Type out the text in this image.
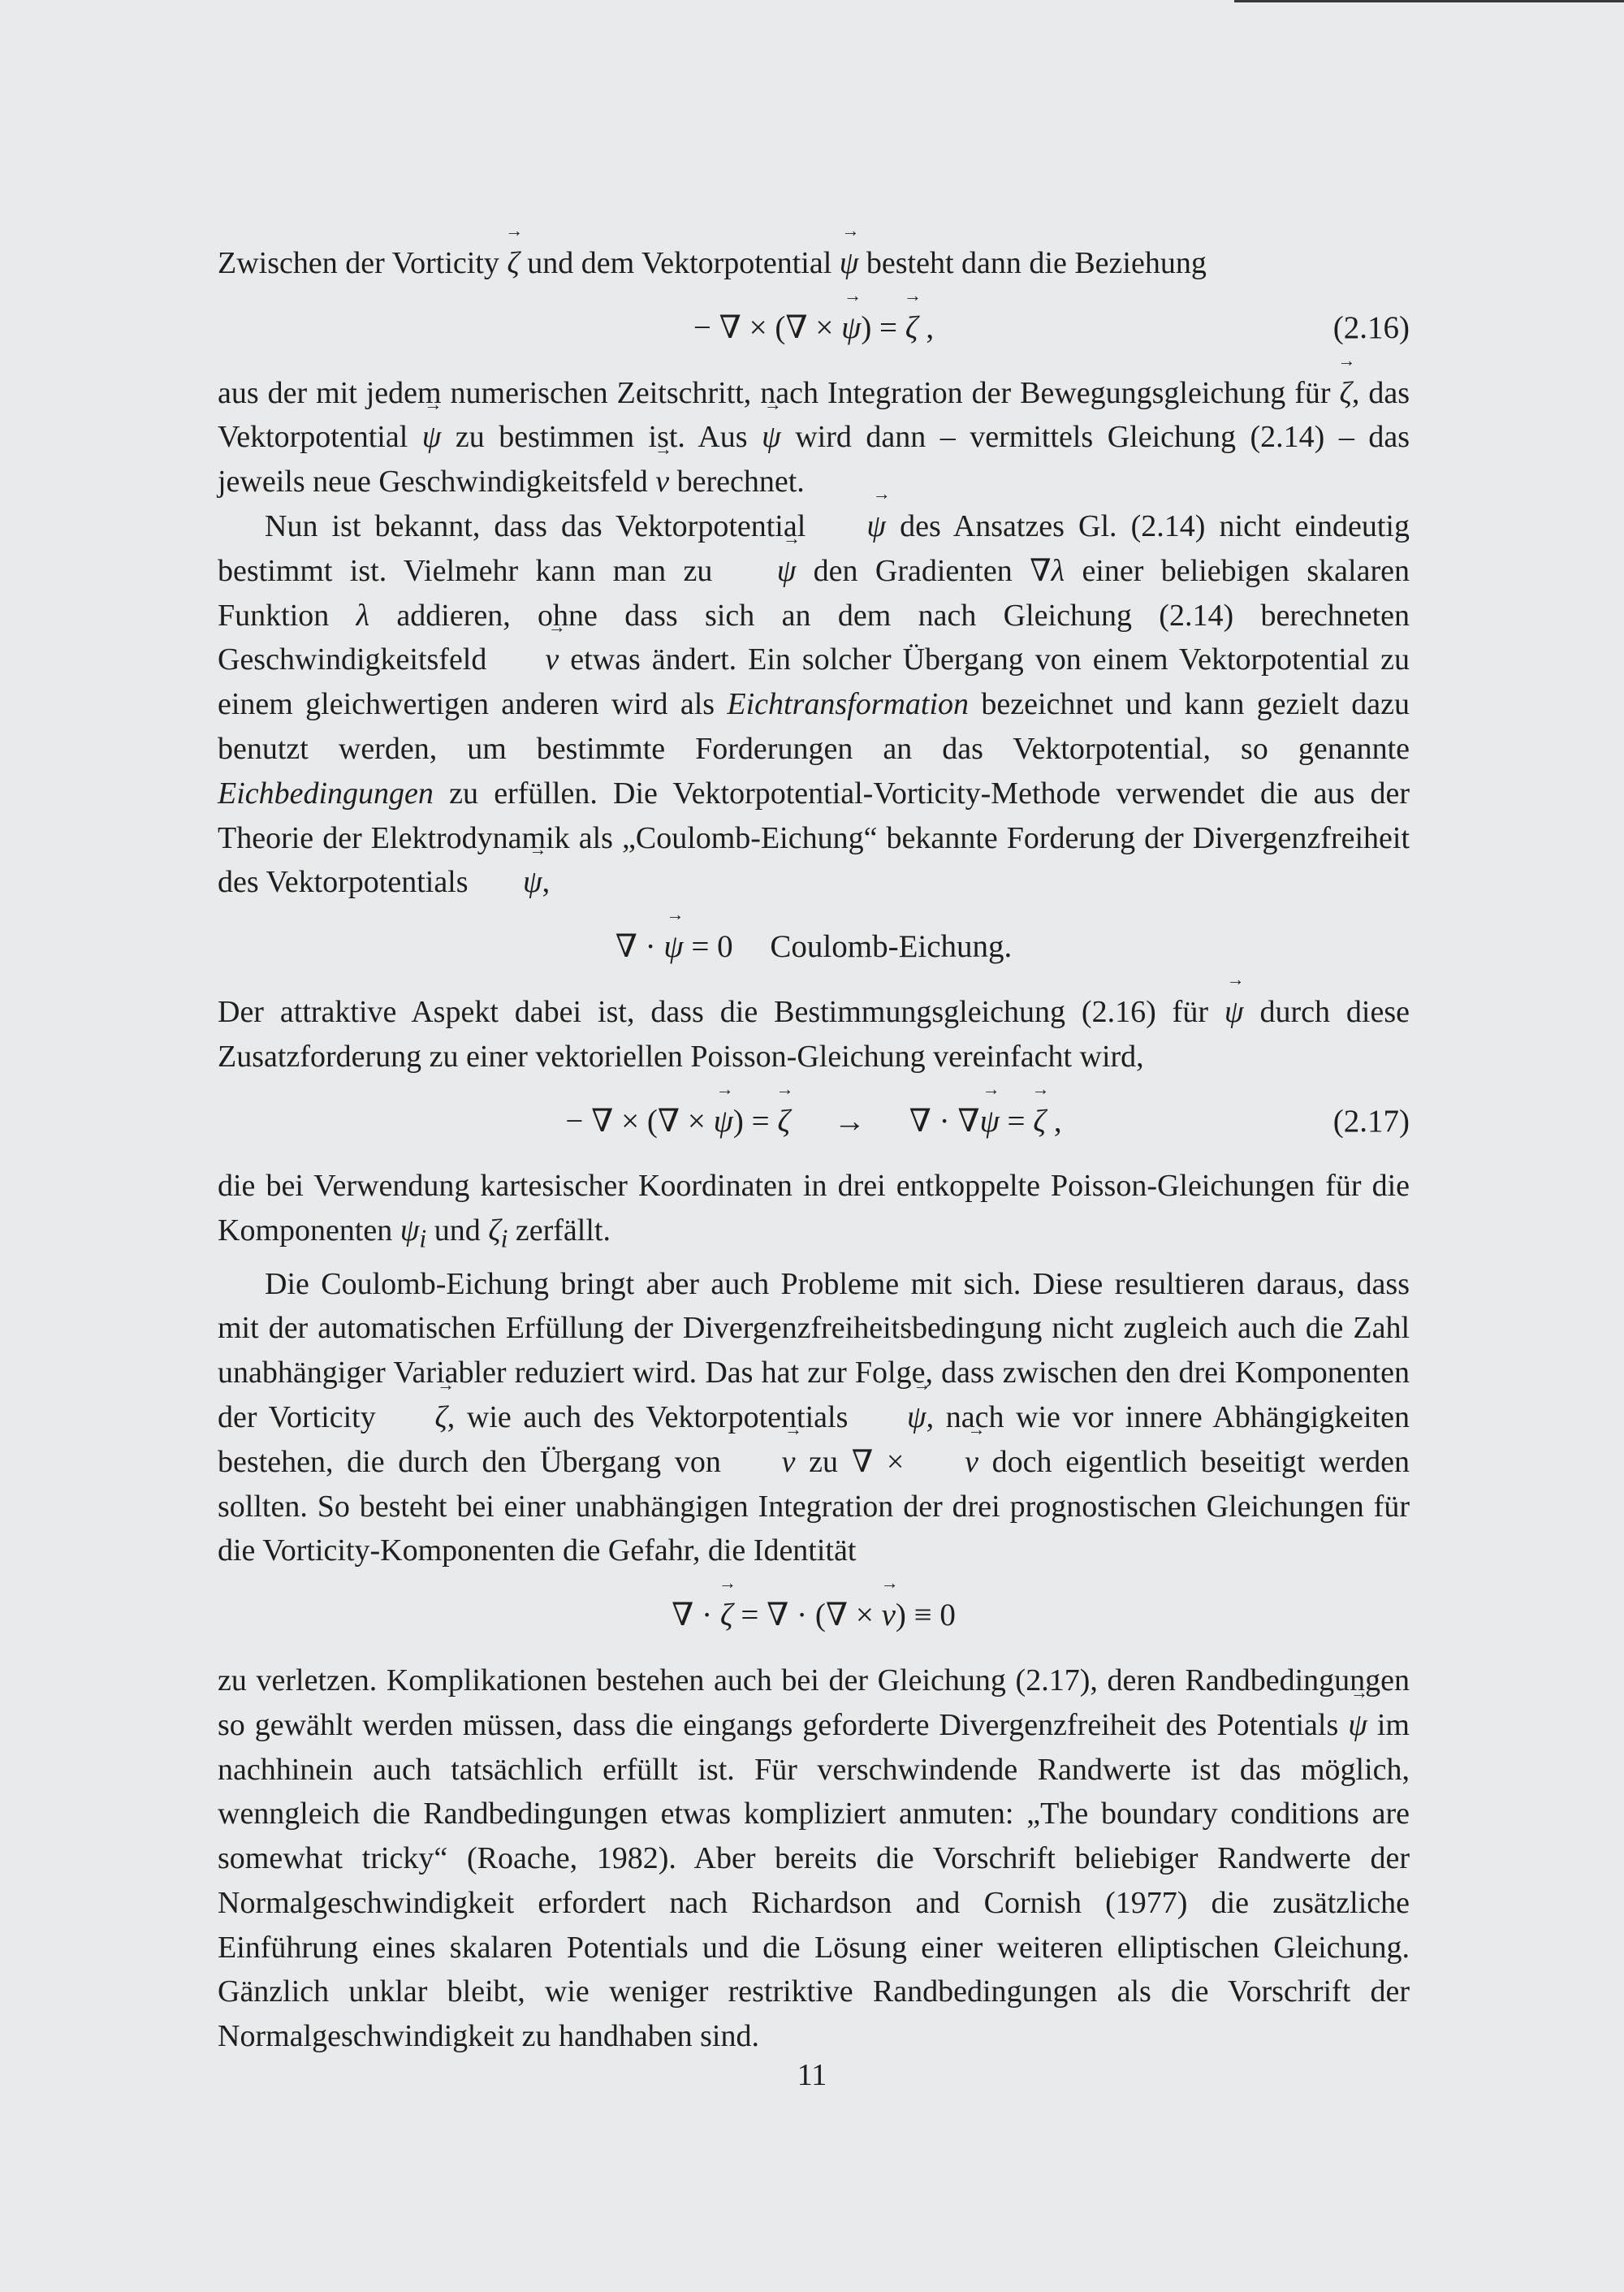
Zwischen der Vorticity → ζ und dem Vektorpotential → ψ besteht dann die Beziehung

− ∇ × (∇ × → ψ) = → ζ ,	(2.16)

aus der mit jedem numerischen Zeitschritt, nach Integration der Bewegungsgleichung für → ζ, das Vektorpotential → ψ zu bestimmen ist. Aus → ψ wird dann – vermittels Gleichung (2.14) – das jeweils neue Geschwindigkeitsfeld → v berechnet.

Nun ist bekannt, dass das Vektorpotential → ψ des Ansatzes Gl. (2.14) nicht eindeutig bestimmt ist. Vielmehr kann man zu → ψ den Gradienten ∇λ einer beliebigen skalaren Funktion λ addieren, ohne dass sich an dem nach Gleichung (2.14) berechneten Geschwindigkeitsfeld → v etwas ändert. Ein solcher Übergang von einem Vektorpotential zu einem gleichwertigen anderen wird als Eichtransformation bezeichnet und kann gezielt dazu benutzt werden, um bestimmte Forderungen an das Vektorpotential, so genannte Eichbedingungen zu erfüllen. Die Vektorpotential-Vorticity-Methode verwendet die aus der Theorie der Elektrodynamik als „Coulomb-Eichung“ bekannte Forderung der Divergenzfreiheit des Vektorpotentials → ψ,

∇ · → ψ = 0 Coulomb-Eichung.

Der attraktive Aspekt dabei ist, dass die Bestimmungsgleichung (2.16) für → ψ durch diese Zusatzforderung zu einer vektoriellen Poisson-Gleichung vereinfacht wird,

− ∇ × (∇ × → ψ) = → ζ → ∇ · ∇→ ψ = → ζ ,	(2.17)

die bei Verwendung kartesischer Koordinaten in drei entkoppelte Poisson-Gleichungen für die Komponenten $\psi_i$ und $\zeta_i$ zerfällt.

Die Coulomb-Eichung bringt aber auch Probleme mit sich. Diese resultieren daraus, dass mit der automatischen Erfüllung der Divergenzfreiheitsbedingung nicht zugleich auch die Zahl unabhängiger Variabler reduziert wird. Das hat zur Folge, dass zwischen den drei Komponenten der Vorticity → ζ, wie auch des Vektorpotentials → ψ, nach wie vor innere Abhängigkeiten bestehen, die durch den Übergang von → v zu ∇ × → v doch eigentlich beseitigt werden sollten. So besteht bei einer unabhängigen Integration der drei prognostischen Gleichungen für die Vorticity-Komponenten die Gefahr, die Identität

∇ · → ζ = ∇ · (∇ × → v) ≡ 0

zu verletzen. Komplikationen bestehen auch bei der Gleichung (2.17), deren Randbedingungen so gewählt werden müssen, dass die eingangs geforderte Divergenzfreiheit des Potentials → ψ im nachhinein auch tatsächlich erfüllt ist. Für verschwindende Randwerte ist das möglich, wenngleich die Randbedingungen etwas kompliziert anmuten: „The boundary conditions are somewhat tricky“ (Roache, 1982). Aber bereits die Vorschrift beliebiger Randwerte der Normalgeschwindigkeit erfordert nach Richardson and Cornish (1977) die zusätzliche Einführung eines skalaren Potentials und die Lösung einer weiteren elliptischen Gleichung. Gänzlich unklar bleibt, wie weniger restriktive Randbedingungen als die Vorschrift der Normalgeschwindigkeit zu handhaben sind.

11
